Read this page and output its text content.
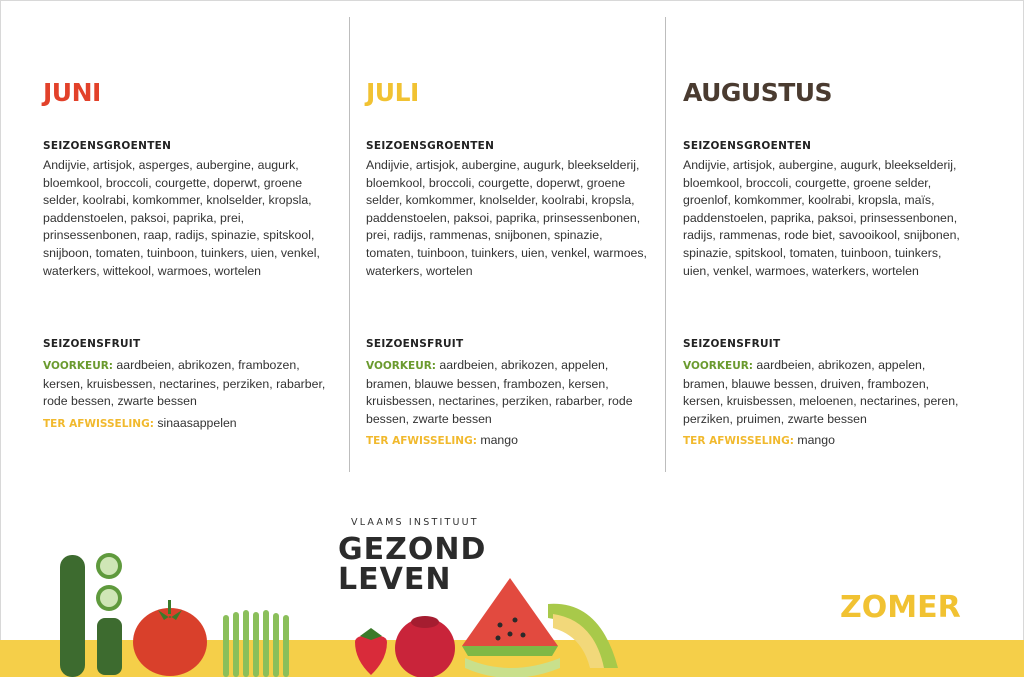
JUNI
SEIZOENSGROENTEN
Andijvie, artisjok, asperges, aubergine, augurk, bloemkool, broccoli, courgette, doperwt, groene selder, koolrabi, komkommer, knolselder, kropsla, paddenstoelen, paksoi, paprika, prei, prinsessenbonen, raap, radijs, spinazie, spitskool, snijboon, tomaten, tuinboon, tuinkers, uien, venkel, waterkers, wittekool, warmoes, wortelen
SEIZOENSFRUIT
VOORKEUR: aardbeien, abrikozen, frambozen, kersen, kruisbessen, nectarines, perziken, rabarber, rode bessen, zwarte bessen
TER AFWISSELING: sinaasappelen
JULI
SEIZOENSGROENTEN
Andijvie, artisjok, aubergine, augurk, bleekselderij, bloemkool, broccoli, courgette, doperwt, groene selder, komkommer, knolselder, koolrabi, kropsla, paddenstoelen, paksoi, paprika, prinsessenbonen, prei, radijs, rammenas, snijbonen, spinazie, tomaten, tuinboon, tuinkers, uien, venkel, warmoes, waterkers, wortelen
SEIZOENSFRUIT
VOORKEUR: aardbeien, abrikozen, appelen, bramen, blauwe bessen, frambozen, kersen, kruisbessen, nectarines, perziken, rabarber, rode bessen, zwarte bessen
TER AFWISSELING: mango
AUGUSTUS
SEIZOENSGROENTEN
Andijvie, artisjok, aubergine, augurk, bleekselderij, bloemkool, broccoli, courgette, groene selder, groenlof, komkommer, koolrabi, kropsla, maïs, paddenstoelen, paprika, paksoi, prinsessenbonen, radijs, rammenas, rode biet, savooikool, snijbonen, spinazie, spitskool, tomaten, tuinboon, tuinkers, uien, venkel, warmoes, waterkers, wortelen
SEIZOENSFRUIT
VOORKEUR: aardbeien, abrikozen, appelen, bramen, blauwe bessen, druiven, frambozen, kersen, kruisbessen, meloenen, nectarines, peren, perziken, pruimen, zwarte bessen
TER AFWISSELING: mango
VLAAMS INSTITUUT
GEZOND
LEVEN
ZOMER
